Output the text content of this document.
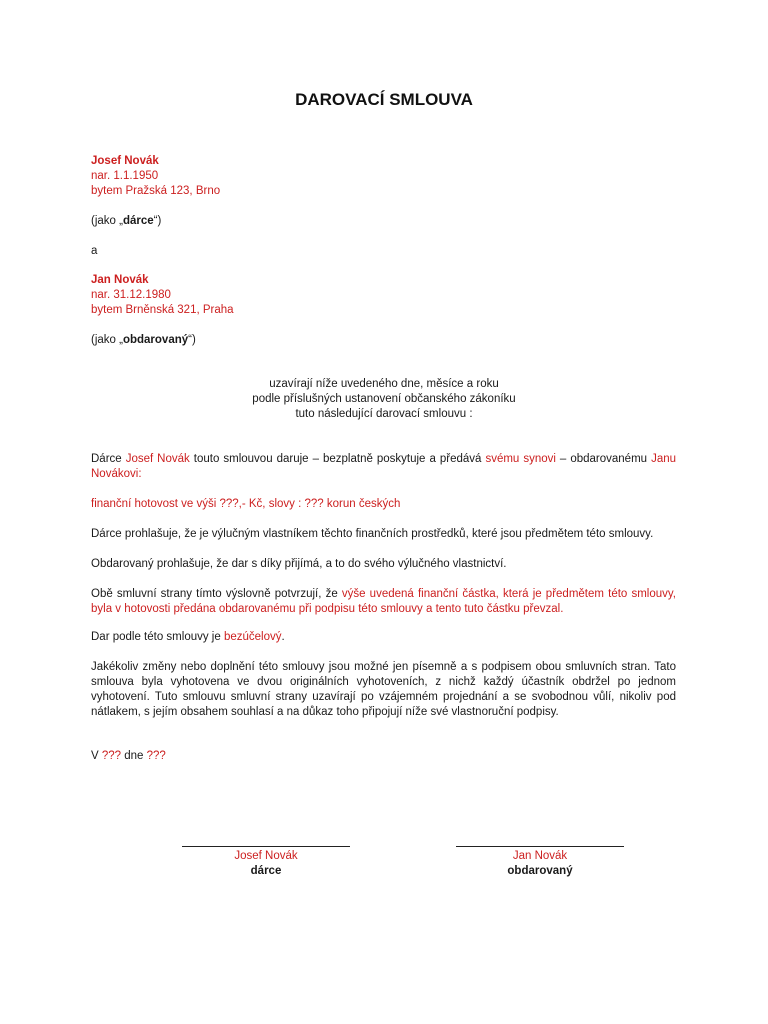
DAROVACÍ SMLOUVA
Josef Novák
nar. 1.1.1950
bytem Pražská 123, Brno
(jako „dárce“)
a
Jan Novák
nar. 31.12.1980
bytem Brněnská 321, Praha
(jako „obdarovaný“)
uzavírají níže uvedeného dne, měsíce a roku
podle příslušných ustanovení občanského zákoníku
tuto následující darovací smlouvu :
Dárce Josef Novák touto smlouvou daruje – bezplatně poskytuje a předává svému synovi – obdarovanému Janu Novákovi:
finanční hotovost ve výši ???,- Kč, slovy : ??? korun českých
Dárce prohlašuje, že je výlučným vlastníkem těchto finančních prostředků, které jsou předmětem této smlouvy.
Obdarovaný prohlašuje, že dar s díky přijímá, a to do svého výlučného vlastnictví.
Obě smluvní strany tímto výslovně potvrzují, že výše uvedená finanční částka, která je předmětem této smlouvy, byla v hotovosti předána obdarovanému při podpisu této smlouvy a tento tuto částku převzal.
Dar podle této smlouvy je bezúčelový.
Jakékoliv změny nebo doplnění této smlouvy jsou možné jen písemně a s podpisem obou smluvních stran. Tato smlouva byla vyhotovena ve dvou originálních vyhotoveních, z nichž každý účastník obdržel po jednom vyhotovení. Tuto smlouvu smluvní strany uzavírají po vzájemném projednání a se svobodnou vůlí, nikoliv pod nátlakem, s jejím obsahem souhlasí a na důkaz toho připojují níže své vlastnoruční podpisy.
V ??? dne ???
Josef Novák
dárce
Jan Novák
obdarovaný
